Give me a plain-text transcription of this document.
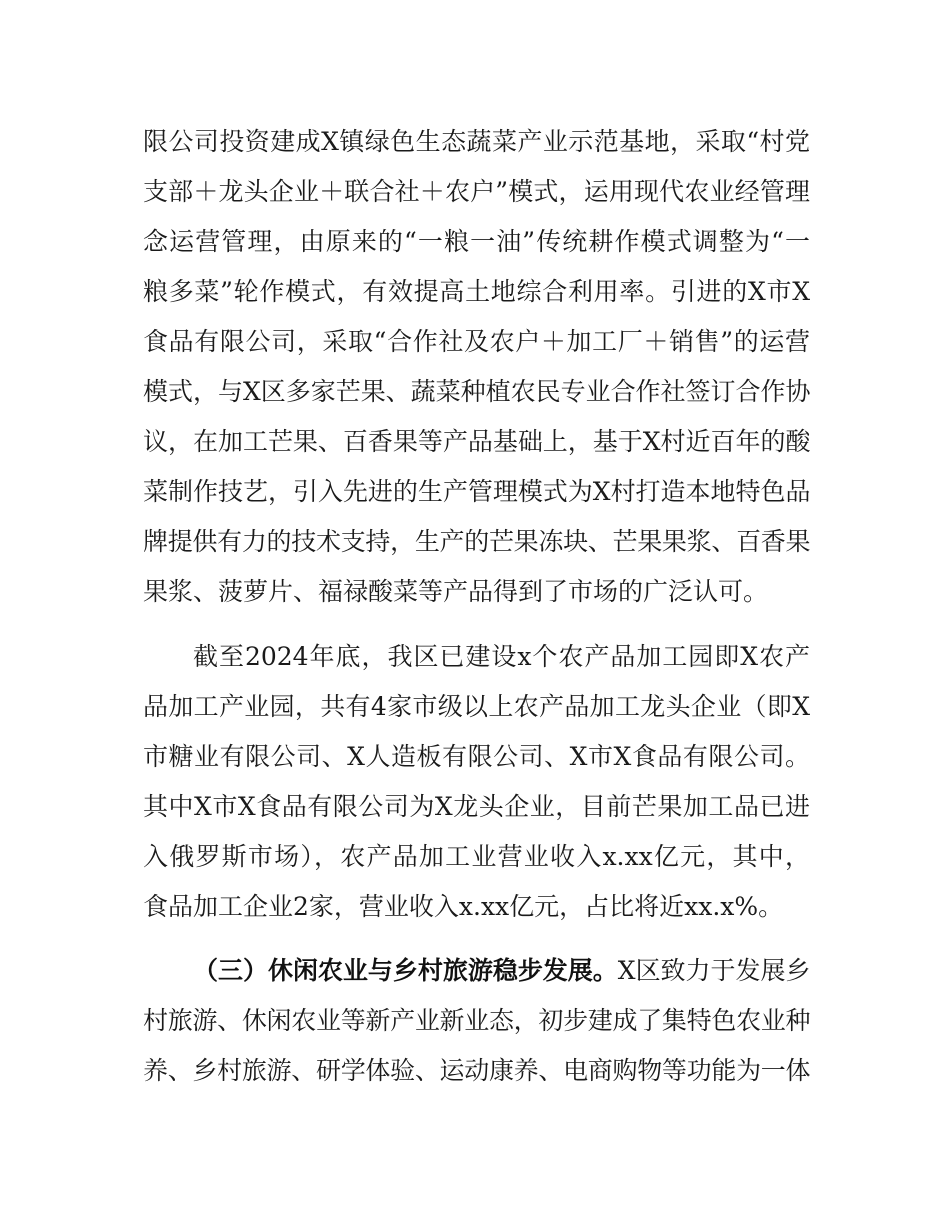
限公司投资建成X镇绿色生态蔬菜产业示范基地，采取“村党
支部＋龙头企业＋联合社＋农户”模式，运用现代农业经管理
念运营管理，由原来的“一粮一油”传统耕作模式调整为“一
粮多菜”轮作模式，有效提高土地综合利用率。引进的X市X
食品有限公司，采取“合作社及农户＋加工厂＋销售”的运营
模式，与X区多家芒果、蔬菜种植农民专业合作社签订合作协
议，在加工芒果、百香果等产品基础上，基于X村近百年的酸
菜制作技艺，引入先进的生产管理模式为X村打造本地特色品
牌提供有力的技术支持，生产的芒果冻块、芒果果浆、百香果
果浆、菠萝片、福禄酸菜等产品得到了市场的广泛认可。
截至2024年底，我区已建设x个农产品加工园即X农产
品加工产业园，共有4家市级以上农产品加工龙头企业（即X
市糖业有限公司、X人造板有限公司、X市X食品有限公司。
其中X市X食品有限公司为X龙头企业，目前芒果加工品已进
入俄罗斯市场），农产品加工业营业收入x.xx亿元，其中，
食品加工企业2家，营业收入x.xx亿元，占比将近xx.x%。
（三）休闲农业与乡村旅游稳步发展。X区致力于发展乡
村旅游、休闲农业等新产业新业态，初步建成了集特色农业种
养、乡村旅游、研学体验、运动康养、电商购物等功能为一体
